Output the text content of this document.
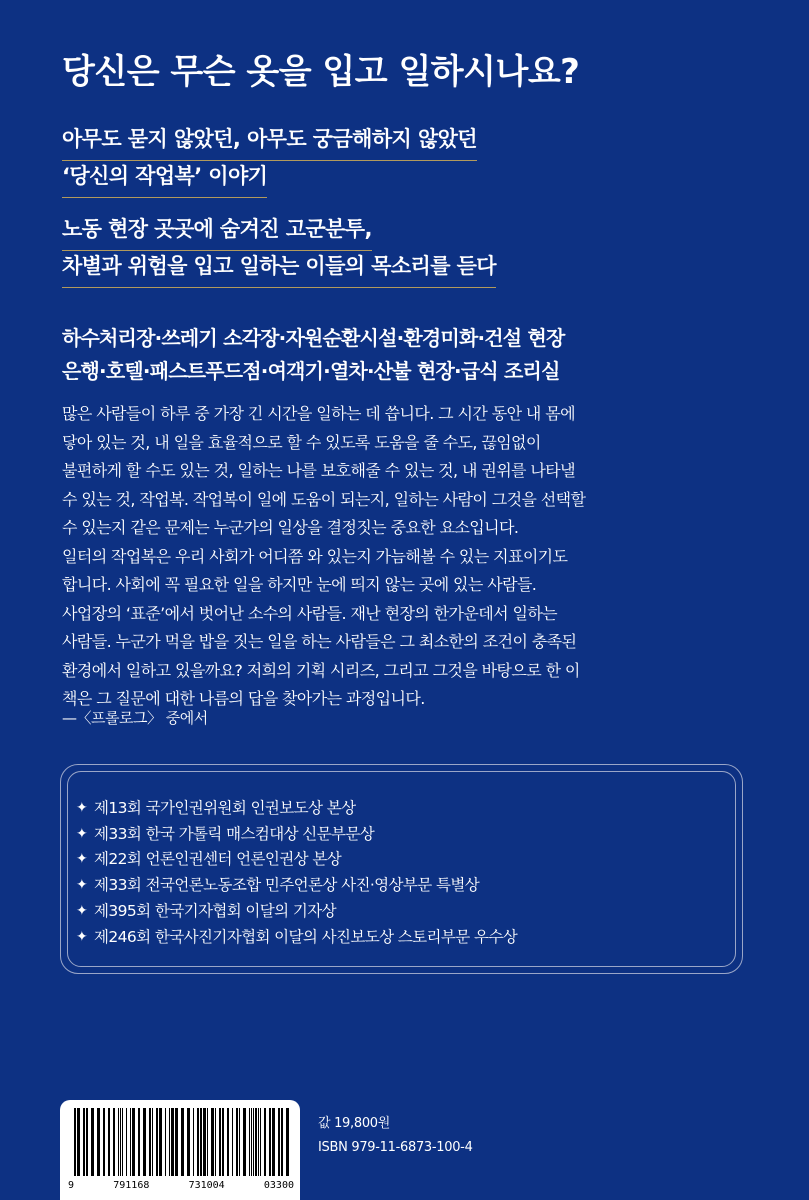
당신은 무슨 옷을 입고 일하시나요?
아무도 묻지 않았던, 아무도 궁금해하지 않았던
‘당신의 작업복’ 이야기
노동 현장 곳곳에 숨겨진 고군분투,
차별과 위험을 입고 일하는 이들의 목소리를 듣다
하수처리장·쓰레기 소각장·자원순환시설·환경미화·건설 현장
은행·호텔·패스트푸드점·여객기·열차·산불 현장·급식 조리실

많은 사람들이 하루 중 가장 긴 시간을 일하는 데 씁니다. 그 시간 동안 내 몸에

닿아 있는 것, 내 일을 효율적으로 할 수 있도록 도움을 줄 수도, 끊임없이

불편하게 할 수도 있는 것, 일하는 나를 보호해줄 수 있는 것, 내 권위를 나타낼

수 있는 것, 작업복. 작업복이 일에 도움이 되는지, 일하는 사람이 그것을 선택할

수 있는지 같은 문제는 누군가의 일상을 결정짓는 중요한 요소입니다.

일터의 작업복은 우리 사회가 어디쯤 와 있는지 가늠해볼 수 있는 지표이기도

합니다. 사회에 꼭 필요한 일을 하지만 눈에 띄지 않는 곳에 있는 사람들.

사업장의 ‘표준’에서 벗어난 소수의 사람들. 재난 현장의 한가운데서 일하는

사람들. 누군가 먹을 밥을 짓는 일을 하는 사람들은 그 최소한의 조건이 충족된

환경에서 일하고 있을까요? 저희의 기획 시리즈, 그리고 그것을 바탕으로 한 이

책은 그 질문에 대한 나름의 답을 찾아가는 과정입니다.

—〈프롤로그〉 중에서
✦ 제13회 국가인권위원회 인권보도상 본상
✦ 제33회 한국 가톨릭 매스컴대상 신문부문상
✦ 제22회 언론인권센터 언론인권상 본상
✦ 제33회 전국언론노동조합 민주언론상 사진·영상부문 특별상
✦ 제395회 한국기자협회 이달의 기자상
✦ 제246회 한국사진기자협회 이달의 사진보도상 스토리부문 우수상
9	791168	731004	03300
값 19,800원
ISBN 979-11-6873-100-4
